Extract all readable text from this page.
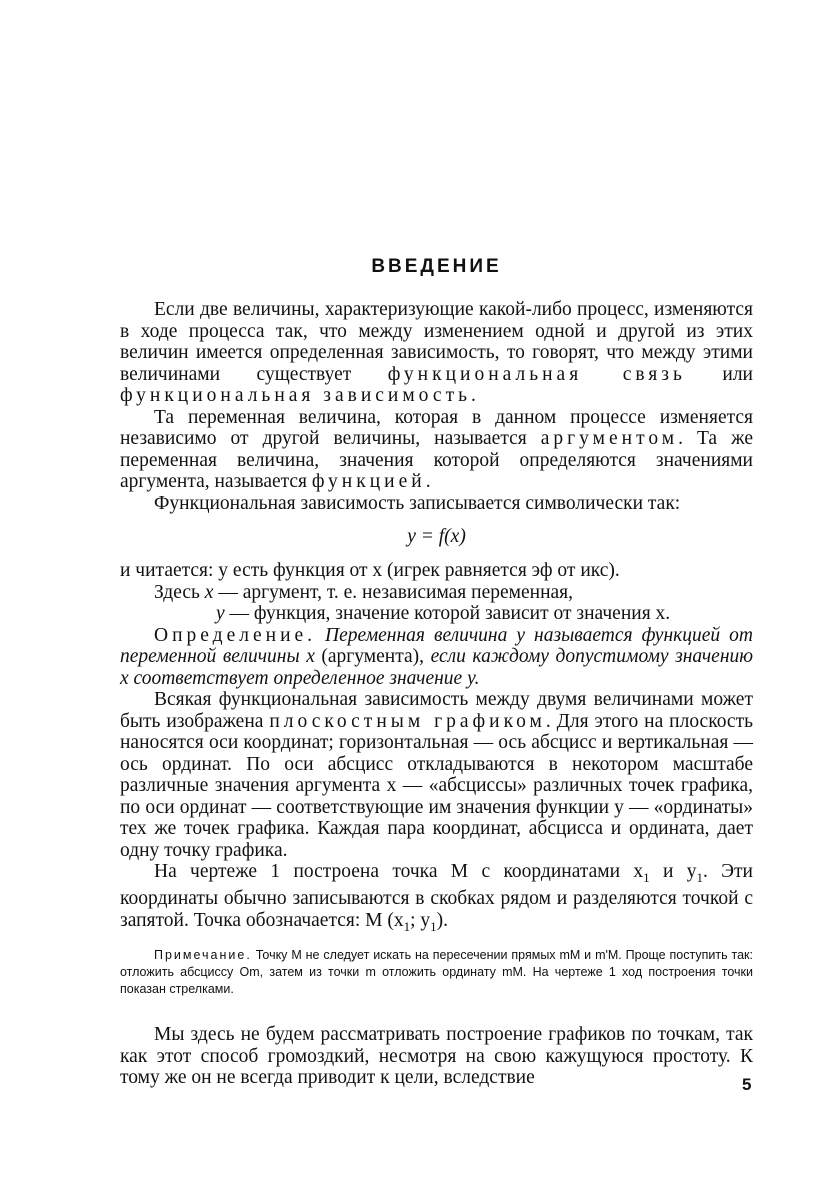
ВВЕДЕНИЕ

Если две величины, характеризующие какой-либо процесс, изменяются в ходе процесса так, что между изменением одной и другой из этих величин имеется определенная зависимость, то говорят, что между этими величинами существует функциональная связь или функциональная зависимость.

Та переменная величина, которая в данном процессе изменяется независимо от другой величины, называется аргументом. Та же переменная величина, значения которой определяются значениями аргумента, называется функцией.

Функциональная зависимость записывается символически так:

y = f(x)

и читается: y есть функция от x (игрек равняется эф от икс).

Здесь x — аргумент, т. е. независимая переменная,
y — функция, значение которой зависит от значения x.

Определение. Переменная величина y называется функцией от переменной величины x (аргумента), если каждому допустимому значению x соответствует определенное значение y.

Всякая функциональная зависимость между двумя величинами может быть изображена плоскостным графиком. Для этого на плоскость наносятся оси координат; горизонтальная — ось абсцисс и вертикальная — ось ординат. По оси абсцисс откладываются в некотором масштабе различные значения аргумента x — «абсциссы» различных точек графика, по оси ординат — соответствующие им значения функции y — «ординаты» тех же точек графика. Каждая пара координат, абсцисса и ордината, дает одну точку графика.

На чертеже 1 построена точка M с координатами $x_1$ и $y_1$. Эти координаты обычно записываются в скобках рядом и разделяются точкой с запятой. Точка обозначается: M ($x_1$; $y_1$).

Примечание. Точку M не следует искать на пересечении прямых mM и m'M. Проще поступить так: отложить абсциссу Om, затем из точки m отложить ординату mM. На чертеже 1 ход построения точки показан стрелками.

Мы здесь не будем рассматривать построение графиков по точкам, так как этот способ громоздкий, несмотря на свою кажущуюся простоту. К тому же он не всегда приводит к цели, вследствие	5
